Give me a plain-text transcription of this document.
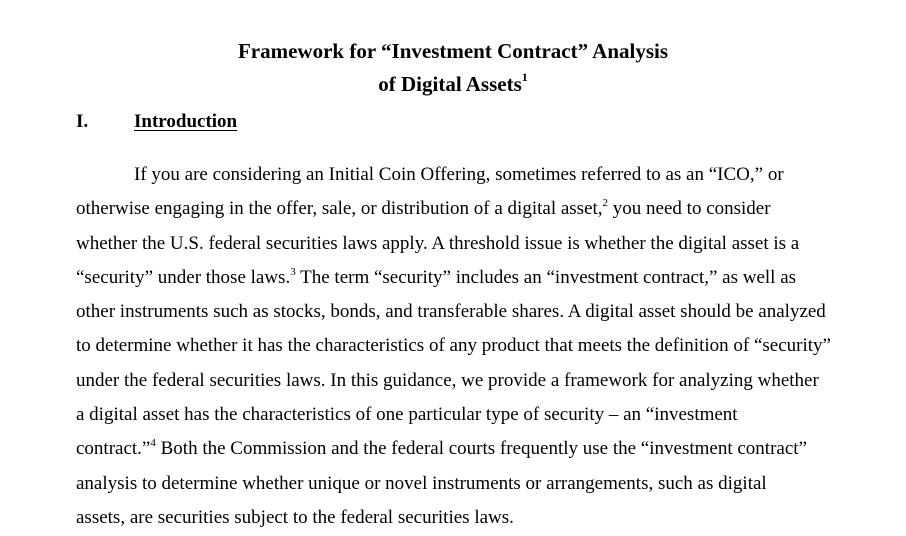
Framework for “Investment Contract” Analysis
of Digital Assets$^1$
I. Introduction
If you are considering an Initial Coin Offering, sometimes referred to as an “ICO,” or
otherwise engaging in the offer, sale, or distribution of a digital asset,$^2$ you need to consider
whether the U.S. federal securities laws apply. A threshold issue is whether the digital asset is a
“security” under those laws.$^3$ The term “security” includes an “investment contract,” as well as
other instruments such as stocks, bonds, and transferable shares. A digital asset should be analyzed
to determine whether it has the characteristics of any product that meets the definition of “security”
under the federal securities laws. In this guidance, we provide a framework for analyzing whether
a digital asset has the characteristics of one particular type of security – an “investment
contract.”$^4$ Both the Commission and the federal courts frequently use the “investment contract”
analysis to determine whether unique or novel instruments or arrangements, such as digital
assets, are securities subject to the federal securities laws.
